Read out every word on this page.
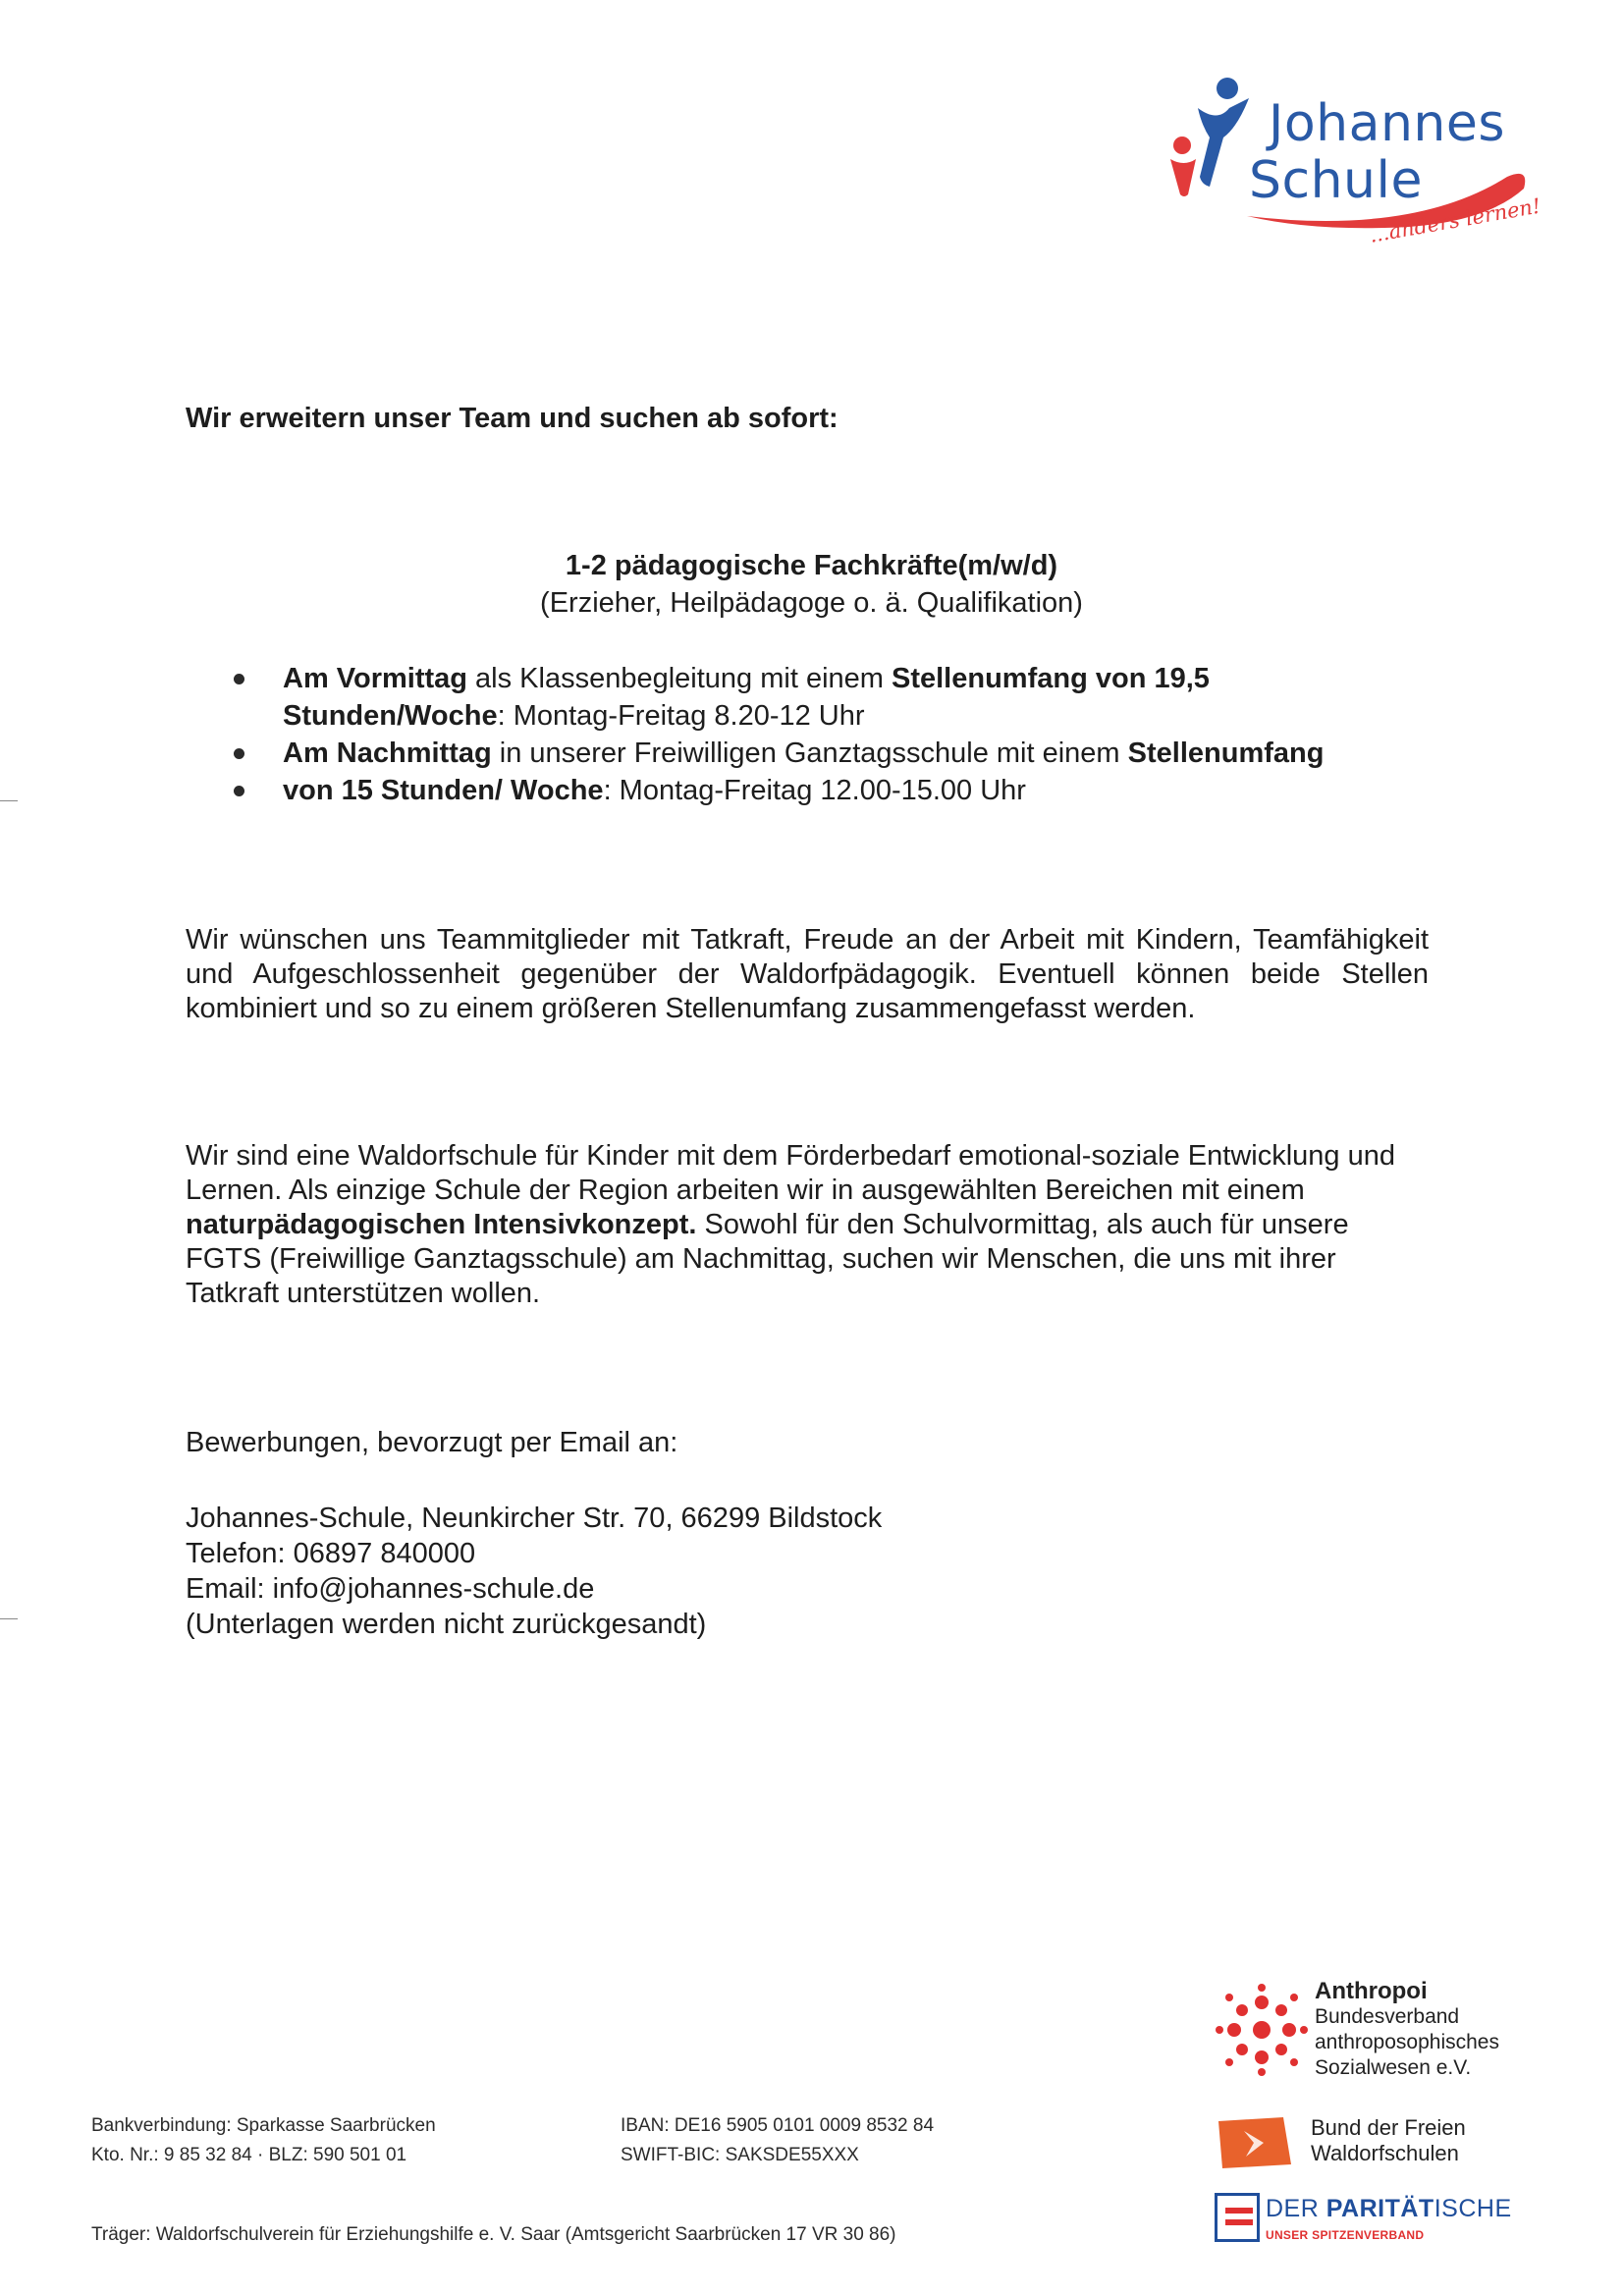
Johannes
Schule
...anders lernen!
Wir erweitern unser Team und suchen ab sofort:
1-2 pädagogische Fachkräfte(m/w/d)
(Erzieher, Heilpädagoge o. ä. Qualifikation)
Am Vormittag als Klassenbegleitung mit einem Stellenumfang von 19,5
Stunden/Woche: Montag-Freitag 8.20-12 Uhr
Am Nachmittag in unserer Freiwilligen Ganztagsschule mit einem Stellenumfang
von 15 Stunden/ Woche: Montag-Freitag 12.00-15.00 Uhr
Wir wünschen uns Teammitglieder mit Tatkraft, Freude an der Arbeit mit Kindern, Teamfähigkeit und Aufgeschlossenheit gegenüber der Waldorfpädagogik. Eventuell können beide Stellen kombiniert und so zu einem größeren Stellenumfang zusammengefasst werden.
Wir sind eine Waldorfschule für Kinder mit dem Förderbedarf emotional-soziale Entwicklung und Lernen. Als einzige Schule der Region arbeiten wir in ausgewählten Bereichen mit einem naturpädagogischen Intensivkonzept. Sowohl für den Schulvormittag, als auch für unsere FGTS (Freiwillige Ganztagsschule) am Nachmittag, suchen wir Menschen, die uns mit ihrer Tatkraft unterstützen wollen.
Bewerbungen, bevorzugt per Email an:
Johannes-Schule, Neunkircher Str. 70, 66299 Bildstock
Telefon: 06897 840000
Email: info@johannes-schule.de
(Unterlagen werden nicht zurückgesandt)
Anthropoi
Bundesverband
anthroposophisches
Sozialwesen e.V.
Bund der Freien
Waldorfschulen
DER PARITÄTISCHE
UNSER SPITZENVERBAND
Bankverbindung: Sparkasse Saarbrücken
Kto. Nr.: 9 85 32 84 · BLZ: 590 501 01
IBAN: DE16 5905 0101 0009 8532 84
SWIFT-BIC: SAKSDE55XXX
Träger: Waldorfschulverein für Erziehungshilfe e. V. Saar (Amtsgericht Saarbrücken 17 VR 30 86)
